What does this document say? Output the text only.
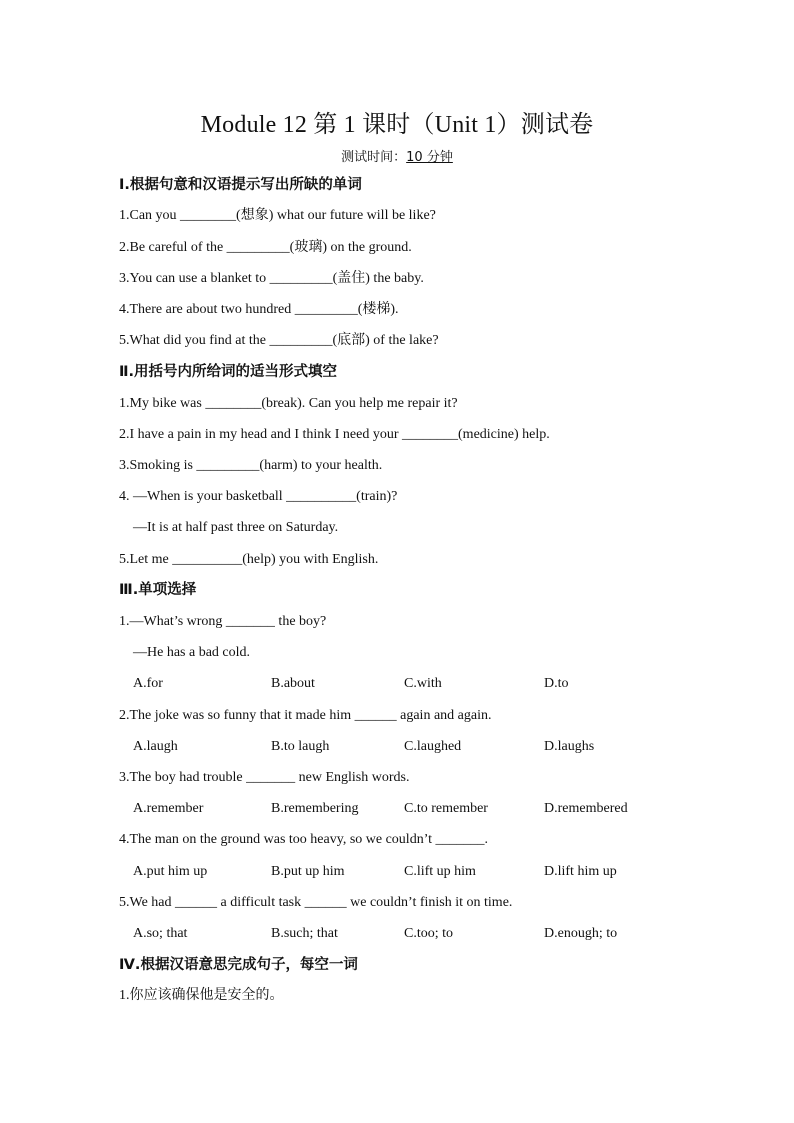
Module 12 第 1 课时（Unit 1）测试卷
测试时间：10 分钟
Ⅰ.根据句意和汉语提示写出所缺的单词
1.Can you ________(想象) what our future will be like?
2.Be careful of the _________(玻璃) on the ground.
3.You can use a blanket to _________(盖住) the baby.
4.There are about two hundred _________(楼梯).
5.What did you find at the _________(底部) of the lake?
Ⅱ.用括号内所给词的适当形式填空
1.My bike was ________(break). Can you help me repair it?
2.I have a pain in my head and I think I need your ________(medicine) help.
3.Smoking is _________(harm) to your health.
4. —When is your basketball __________(train)?
—It is at half past three on Saturday.
5.Let me __________(help) you with English.
Ⅲ.单项选择
1.—What’s wrong _______ the boy?
—He has a bad cold.
A.for	B.about	C.with	D.to
2.The joke was so funny that it made him ______ again and again.
A.laugh	B.to laugh	C.laughed	D.laughs
3.The boy had trouble _______ new English words.
A.remember	B.remembering	C.to remember	D.remembered
4.The man on the ground was too heavy, so we couldn’t _______.
A.put him up	B.put up him	C.lift up him	D.lift him up
5.We had ______ a difficult task ______ we couldn’t finish it on time.
A.so; that	B.such; that	C.too; to	D.enough; to
Ⅳ.根据汉语意思完成句子，每空一词
1.你应该确保他是安全的。
